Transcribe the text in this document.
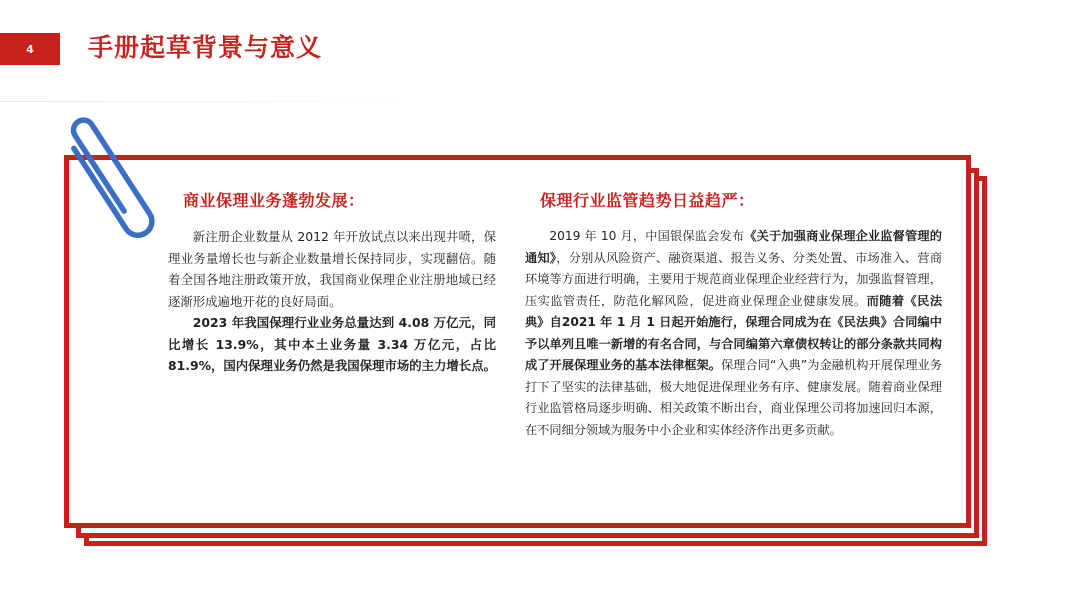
4 手册起草背景与意义
商业保理业务蓬勃发展：

新注册企业数量从 2012 年开放试点以来出现井喷，保理业务量增长也与新企业数量增长保持同步，实现翻倍。随着全国各地注册政策开放，我国商业保理企业注册地域已经逐渐形成遍地开花的良好局面。

2023 年我国保理行业业务总量达到 4.08 万亿元，同比增长 13.9%，其中本土业务量 3.34 万亿元，占比 81.9%，国内保理业务仍然是我国保理市场的主力增长点。

保理行业监管趋势日益趋严：

2019 年 10 月，中国银保监会发布《关于加强商业保理企业监督管理的通知》，分别从风险资产、融资渠道、报告义务、分类处置、市场准入、营商环境等方面进行明确，主要用于规范商业保理企业经营行为，加强监督管理，压实监管责任，防范化解风险，促进商业保理企业健康发展。而随着《民法典》自2021 年 1 月 1 日起开始施行，保理合同成为在《民法典》合同编中予以单列且唯一新增的有名合同，与合同编第六章债权转让的部分条款共同构成了开展保理业务的基本法律框架。保理合同“入典”为金融机构开展保理业务打下了坚实的法律基础，极大地促进保理业务有序、健康发展。随着商业保理行业监管格局逐步明确、相关政策不断出台，商业保理公司将加速回归本源，在不同细分领域为服务中小企业和实体经济作出更多贡献。
